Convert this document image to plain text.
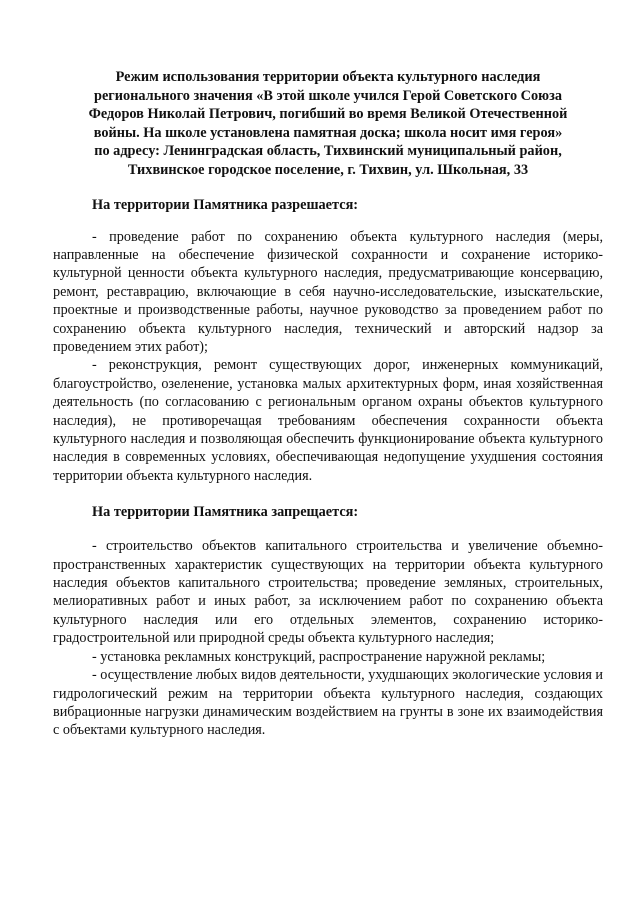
Режим использования территории объекта культурного наследия
регионального значения «В этой школе учился Герой Советского Союза
Федоров Николай Петрович, погибший во время Великой Отечественной
войны. На школе установлена памятная доска; школа носит имя героя»
по адресу: Ленинградская область, Тихвинский муниципальный район,
Тихвинское городское поселение, г. Тихвин, ул. Школьная, 33
На территории Памятника разрешается:

- проведение работ по сохранению объекта культурного наследия (меры, направленные на обеспечение физической сохранности и сохранение историко-культурной ценности объекта культурного наследия, предусматривающие консервацию, ремонт, реставрацию, включающие в себя научно-исследовательские, изыскательские, проектные и производственные работы, научное руководство за проведением работ по сохранению объекта культурного наследия, технический и авторский надзор за проведением этих работ);

- реконструкция, ремонт существующих дорог, инженерных коммуникаций, благоустройство, озеленение, установка малых архитектурных форм, иная хозяйственная деятельность (по согласованию с региональным органом охраны объектов культурного наследия), не противоречащая требованиям обеспечения сохранности объекта культурного наследия и позволяющая обеспечить функционирование объекта культурного наследия в современных условиях, обеспечивающая недопущение ухудшения состояния территории объекта культурного наследия.

На территории Памятника запрещается:

- строительство объектов капитального строительства и увеличение объемно-пространственных характеристик существующих на территории объекта культурного наследия объектов капитального строительства; проведение земляных, строительных, мелиоративных работ и иных работ, за исключением работ по сохранению объекта культурного наследия или его отдельных элементов, сохранению историко-градостроительной или природной среды объекта культурного наследия;

- установка рекламных конструкций, распространение наружной рекламы;

- осуществление любых видов деятельности, ухудшающих экологические условия и гидрологический режим на территории объекта культурного наследия, создающих вибрационные нагрузки динамическим воздействием на грунты в зоне их взаимодействия с объектами культурного наследия.
